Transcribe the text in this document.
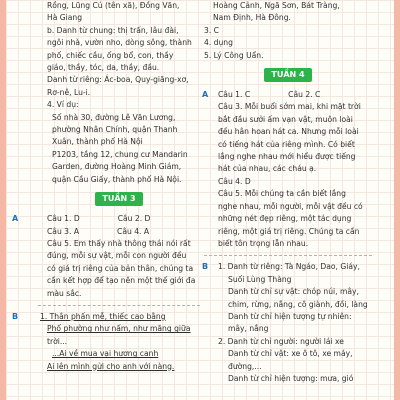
Rồng, Lũng Cú (tên xã), Đồng Văn,
Hà Giang
b. Danh từ chung: thị trấn, lâu đài,
ngôi nhà, vườn nho, dòng sông, thành
phố, chiếc cầu, ống bổ, con, thầy
giáo, thầy, tóc, da, thầy, đầu.
Danh từ riêng: Ác-boa, Quy-giăng-xơ,
Rơ-nê, Lu-i.
4. Ví dụ:
Số nhà 30, đường Lê Văn Lương,
phường Nhân Chính, quận Thanh
Xuân, thành phố Hà Nội
P1203, tầng 12, chung cư Mandarin
Garden, đường Hoàng Minh Giám,
quận Cầu Giấy, thành phố Hà Nội.
TUẦN 3
A	Câu 1. D	Câu 2. D
Câu 3. A	Câu 4. A
Câu 5. Em thấy nhà thông thái nói rất
đúng, mỗi sự vật, mỗi con người đều
có giá trị riêng của bản thân, chúng ta
cần kết hợp để tạo nên một thế giới đa
màu sắc.
B	1. Thân phấn mễ, thiếc cao bằng
Phố phường như nấm, như măng giữa
trời...
...Ai về mua vại hương canh
Ai lên mình gửi cho anh với nàng.
Hoàng Cảnh, Ngã Sơn, Bát Tràng,
Nam Định, Hà Đông.
3. C
4. dụng
5. Lý Công Uẩn.
TUẦN 4
A	Câu 1. C	Câu 2. C
Câu 3. Mỗi buổi sớm mai, khi mặt trời
bắt đầu sưởi ấm vạn vật, muôn loài
đều hân hoan hát ca. Nhưng mỗi loài
có tiếng hát của riêng mình. Có biết
lắng nghe nhau mới hiểu được tiếng
hát của nhau, các cháu ạ.
Câu 4. D
Câu 5. Mỗi chúng ta cần biết lắng
nghe nhau, mỗi người, mỗi vật đều có
những nét đẹp riêng, một tác dụng
riêng, một giá trị riêng. Chúng ta cần
biết tôn trọng lẫn nhau.
B	1. Danh từ riêng: Tà Ngáo, Dao, Giáy,
Suối Lùng Thàng
Danh từ chỉ sự vật: chóp núi, mây,
chim, rừng, nắng, cô giành, đồi, làng
Danh từ chỉ hiện tượng tự nhiên:
mây, nắng
2. Danh từ chỉ người: người lái xe
Danh từ chỉ vật: xe ô tô, xe máy,
đường,...
Danh từ chỉ hiện tượng: mưa, gió
